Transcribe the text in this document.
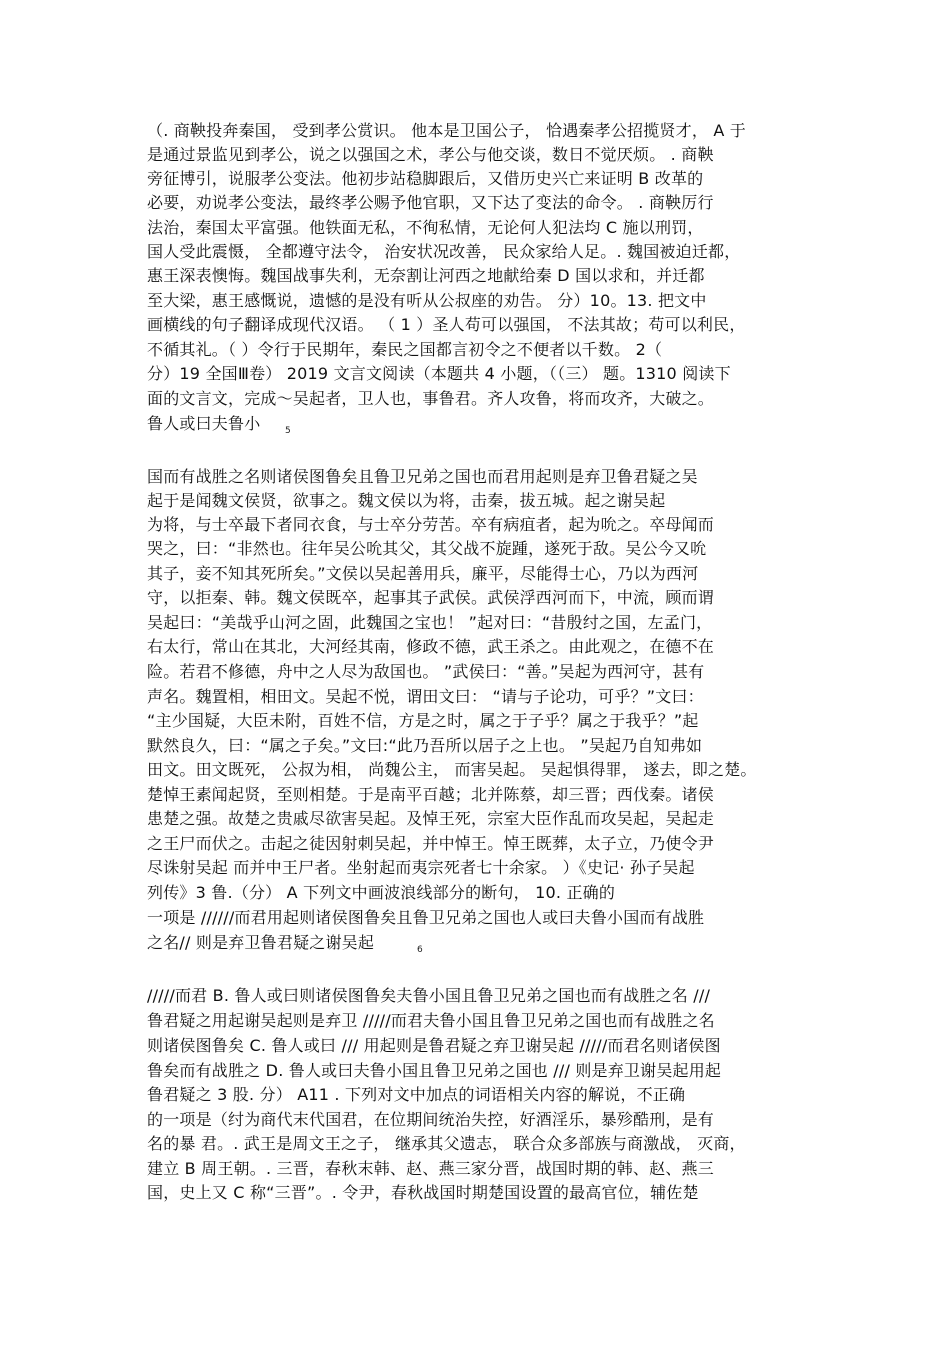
（. 商鞅投奔秦国， 受到孝公赏识。 他本是卫国公子， 恰遇秦孝公招揽贤才， A 于
是通过景监见到孝公，说之以强国之术，孝公与他交谈，数日不觉厌烦。 . 商鞅
旁征博引，说服孝公变法。他初步站稳脚跟后，又借历史兴亡来证明 B 改革的
必要，劝说孝公变法，最终孝公赐予他官职，又下达了变法的命令。 . 商鞅厉行
法治，秦国太平富强。他铁面无私，不徇私情，无论何人犯法均 C 施以刑罚，
国人受此震慑， 全都遵守法令， 治安状况改善， 民众家给人足。. 魏国被迫迁都，
惠王深表懊悔。魏国战事失利，无奈割让河西之地献给秦 D 国以求和，并迁都
至大梁，惠王感慨说，遗憾的是没有听从公叔座的劝告。 分）10。13. 把文中
画横线的句子翻译成现代汉语。 （ 1 ）圣人苟可以强国， 不法其故；苟可以利民，
不循其礼。（ ）令行于民期年，秦民之国都言初令之不便者以千数。 2（
分）19 全国Ⅲ卷） 2019 文言文阅读（本题共 4 小题，（（三） 题。1310 阅读下
面的文言文，完成～吴起者，卫人也，事鲁君。齐人攻鲁，将而攻齐，大破之。
鲁人或曰夫鲁小	5
国而有战胜之名则诸侯图鲁矣且鲁卫兄弟之国也而君用起则是弃卫鲁君疑之吴
起于是闻魏文侯贤，欲事之。魏文侯以为将，击秦，拔五城。起之谢吴起
为将，与士卒最下者同衣食，与士卒分劳苦。卒有病疽者，起为吮之。卒母闻而
哭之，曰：“非然也。往年吴公吮其父，其父战不旋踵，遂死于敌。吴公今又吮
其子，妾不知其死所矣。”文侯以吴起善用兵，廉平，尽能得士心，乃以为西河
守，以拒秦、韩。魏文侯既卒，起事其子武侯。武侯浮西河而下，中流，顾而谓
吴起曰：“美哉乎山河之固，此魏国之宝也！ ”起对曰：“昔殷纣之国，左孟门，
右太行，常山在其北，大河经其南，修政不德，武王杀之。由此观之，在德不在
险。若君不修德，舟中之人尽为敌国也。 ”武侯曰：“善。”吴起为西河守，甚有
声名。魏置相，相田文。吴起不悦，谓田文曰： “请与子论功，可乎？”文曰：
“主少国疑，大臣未附，百姓不信，方是之时，属之于子乎？属之于我乎？”起
默然良久，曰：“属之子矣。”文曰:“此乃吾所以居子之上也。 ”吴起乃自知弗如
田文。田文既死， 公叔为相， 尚魏公主， 而害吴起。 吴起惧得罪， 遂去，即之楚。
楚悼王素闻起贤，至则相楚。于是南平百越；北并陈蔡，却三晋；西伐秦。诸侯
患楚之强。故楚之贵戚尽欲害吴起。及悼王死，宗室大臣作乱而攻吴起，吴起走
之王尸而伏之。击起之徒因射刺吴起，并中悼王。悼王既葬，太子立，乃使令尹
尽诛射吴起 而并中王尸者。坐射起而夷宗死者七十余家。 ）《史记· 孙子吴起
列传》3 鲁.（分） A 下列文中画波浪线部分的断句， 10. 正确的
一项是 //////而君用起则诸侯图鲁矣且鲁卫兄弟之国也人或曰夫鲁小国而有战胜
之名// 则是弃卫鲁君疑之谢吴起	6
/////而君 B. 鲁人或曰则诸侯图鲁矣夫鲁小国且鲁卫兄弟之国也而有战胜之名 ///
鲁君疑之用起谢吴起则是弃卫 /////而君夫鲁小国且鲁卫兄弟之国也而有战胜之名
则诸侯图鲁矣 C. 鲁人或曰 /// 用起则是鲁君疑之弃卫谢吴起 /////而君名则诸侯图
鲁矣而有战胜之 D. 鲁人或曰夫鲁小国且鲁卫兄弟之国也 /// 则是弃卫谢吴起用起
鲁君疑之 3 股. 分） A11 . 下列对文中加点的词语相关内容的解说，不正确
的一项是（纣为商代末代国君，在位期间统治失控，好酒淫乐，暴殄酷刑，是有
名的暴 君。. 武王是周文王之子， 继承其父遗志， 联合众多部族与商激战， 灭商，
建立 B 周王朝。. 三晋，春秋末韩、赵、燕三家分晋，战国时期的韩、赵、燕三
国，史上又 C 称“三晋”。. 令尹，春秋战国时期楚国设置的最高官位，辅佐楚
